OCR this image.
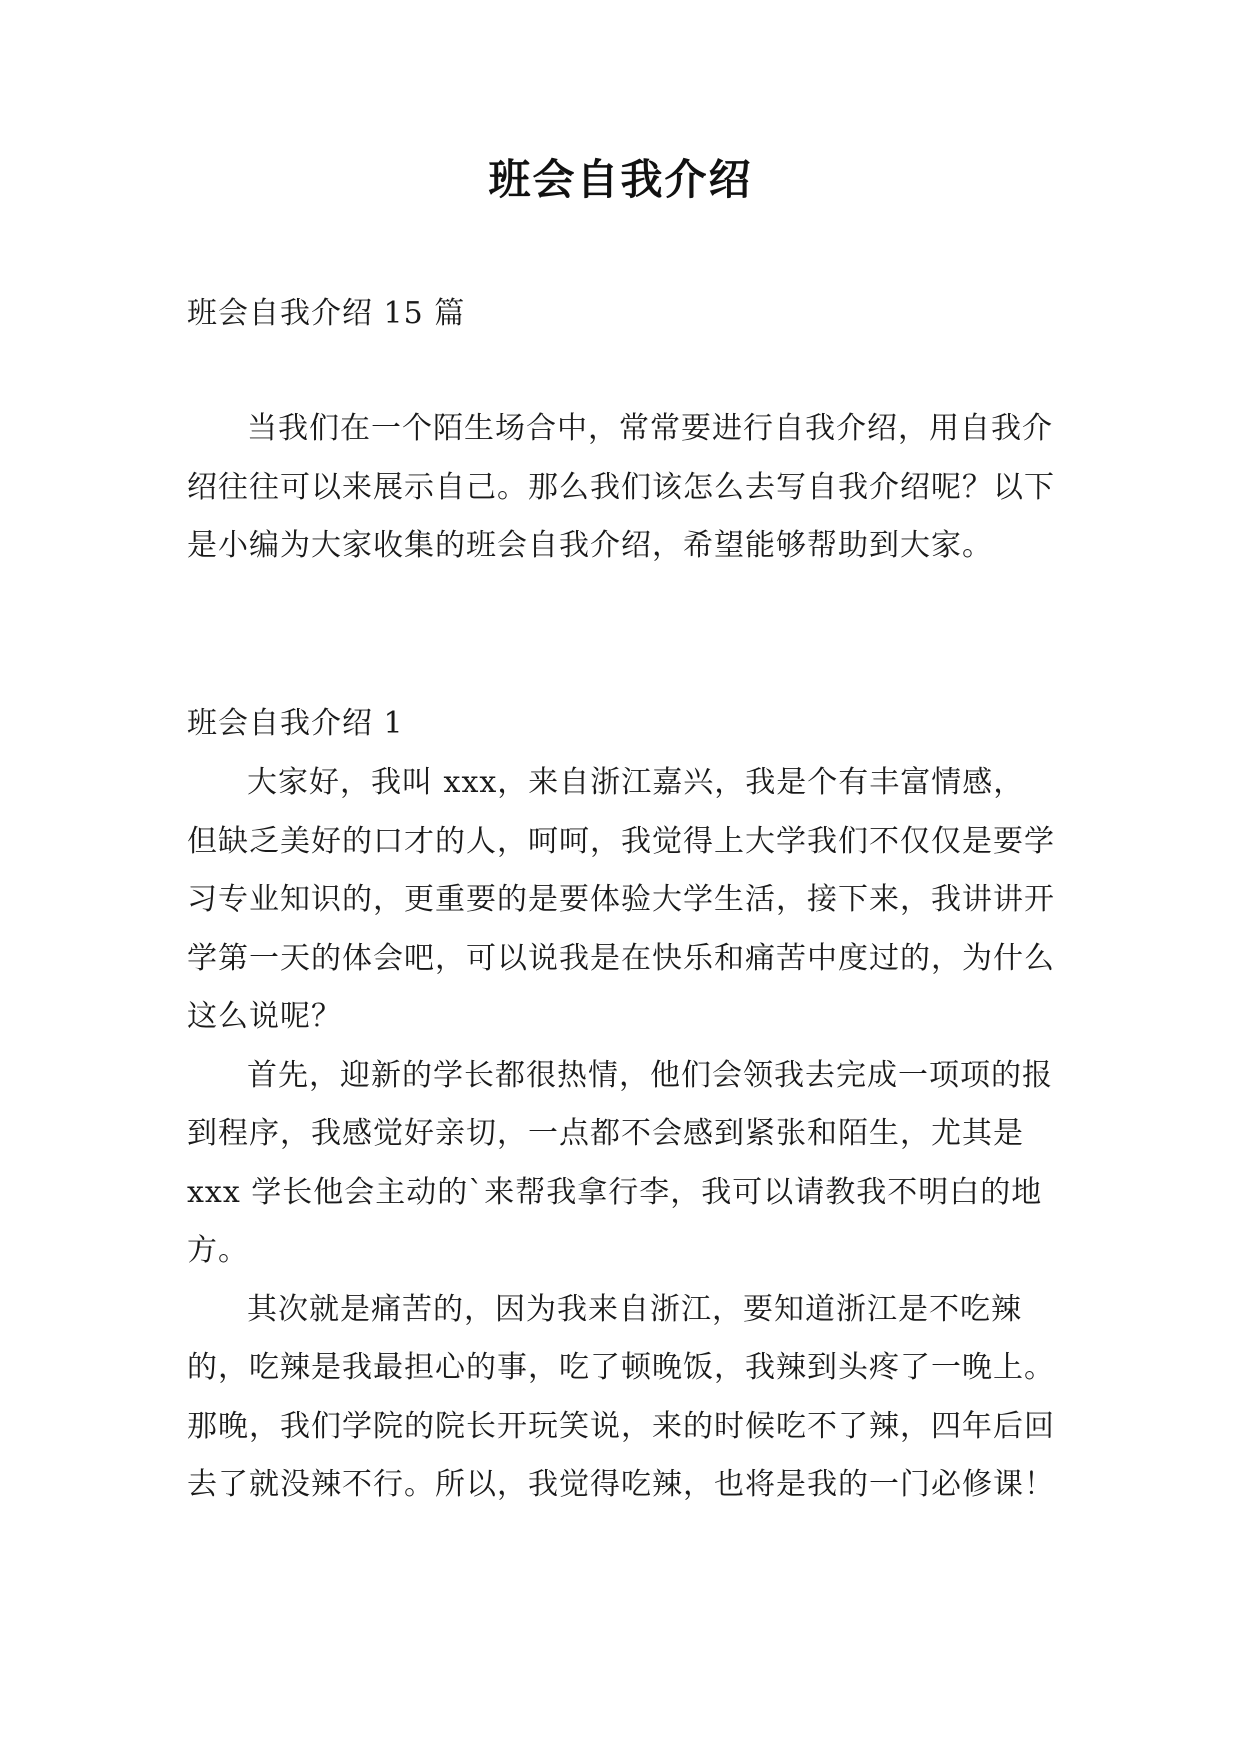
班会自我介绍
班会自我介绍 15 篇

当我们在一个陌生场合中，常常要进行自我介绍，用自我介绍往往可以来展示自己。那么我们该怎么去写自我介绍呢？以下是小编为大家收集的班会自我介绍，希望能够帮助到大家。

班会自我介绍 1

大家好，我叫 xxx，来自浙江嘉兴，我是个有丰富情感，但缺乏美好的口才的人，呵呵，我觉得上大学我们不仅仅是要学习专业知识的，更重要的是要体验大学生活，接下来，我讲讲开学第一天的体会吧，可以说我是在快乐和痛苦中度过的，为什么这么说呢？

首先，迎新的学长都很热情，他们会领我去完成一项项的报到程序，我感觉好亲切，一点都不会感到紧张和陌生，尤其是 xxx 学长他会主动的`来帮我拿行李，我可以请教我不明白的地方。

其次就是痛苦的，因为我来自浙江，要知道浙江是不吃辣的，吃辣是我最担心的事，吃了顿晚饭，我辣到头疼了一晚上。那晚，我们学院的院长开玩笑说，来的时候吃不了辣，四年后回去了就没辣不行。所以，我觉得吃辣，也将是我的一门必修课！
